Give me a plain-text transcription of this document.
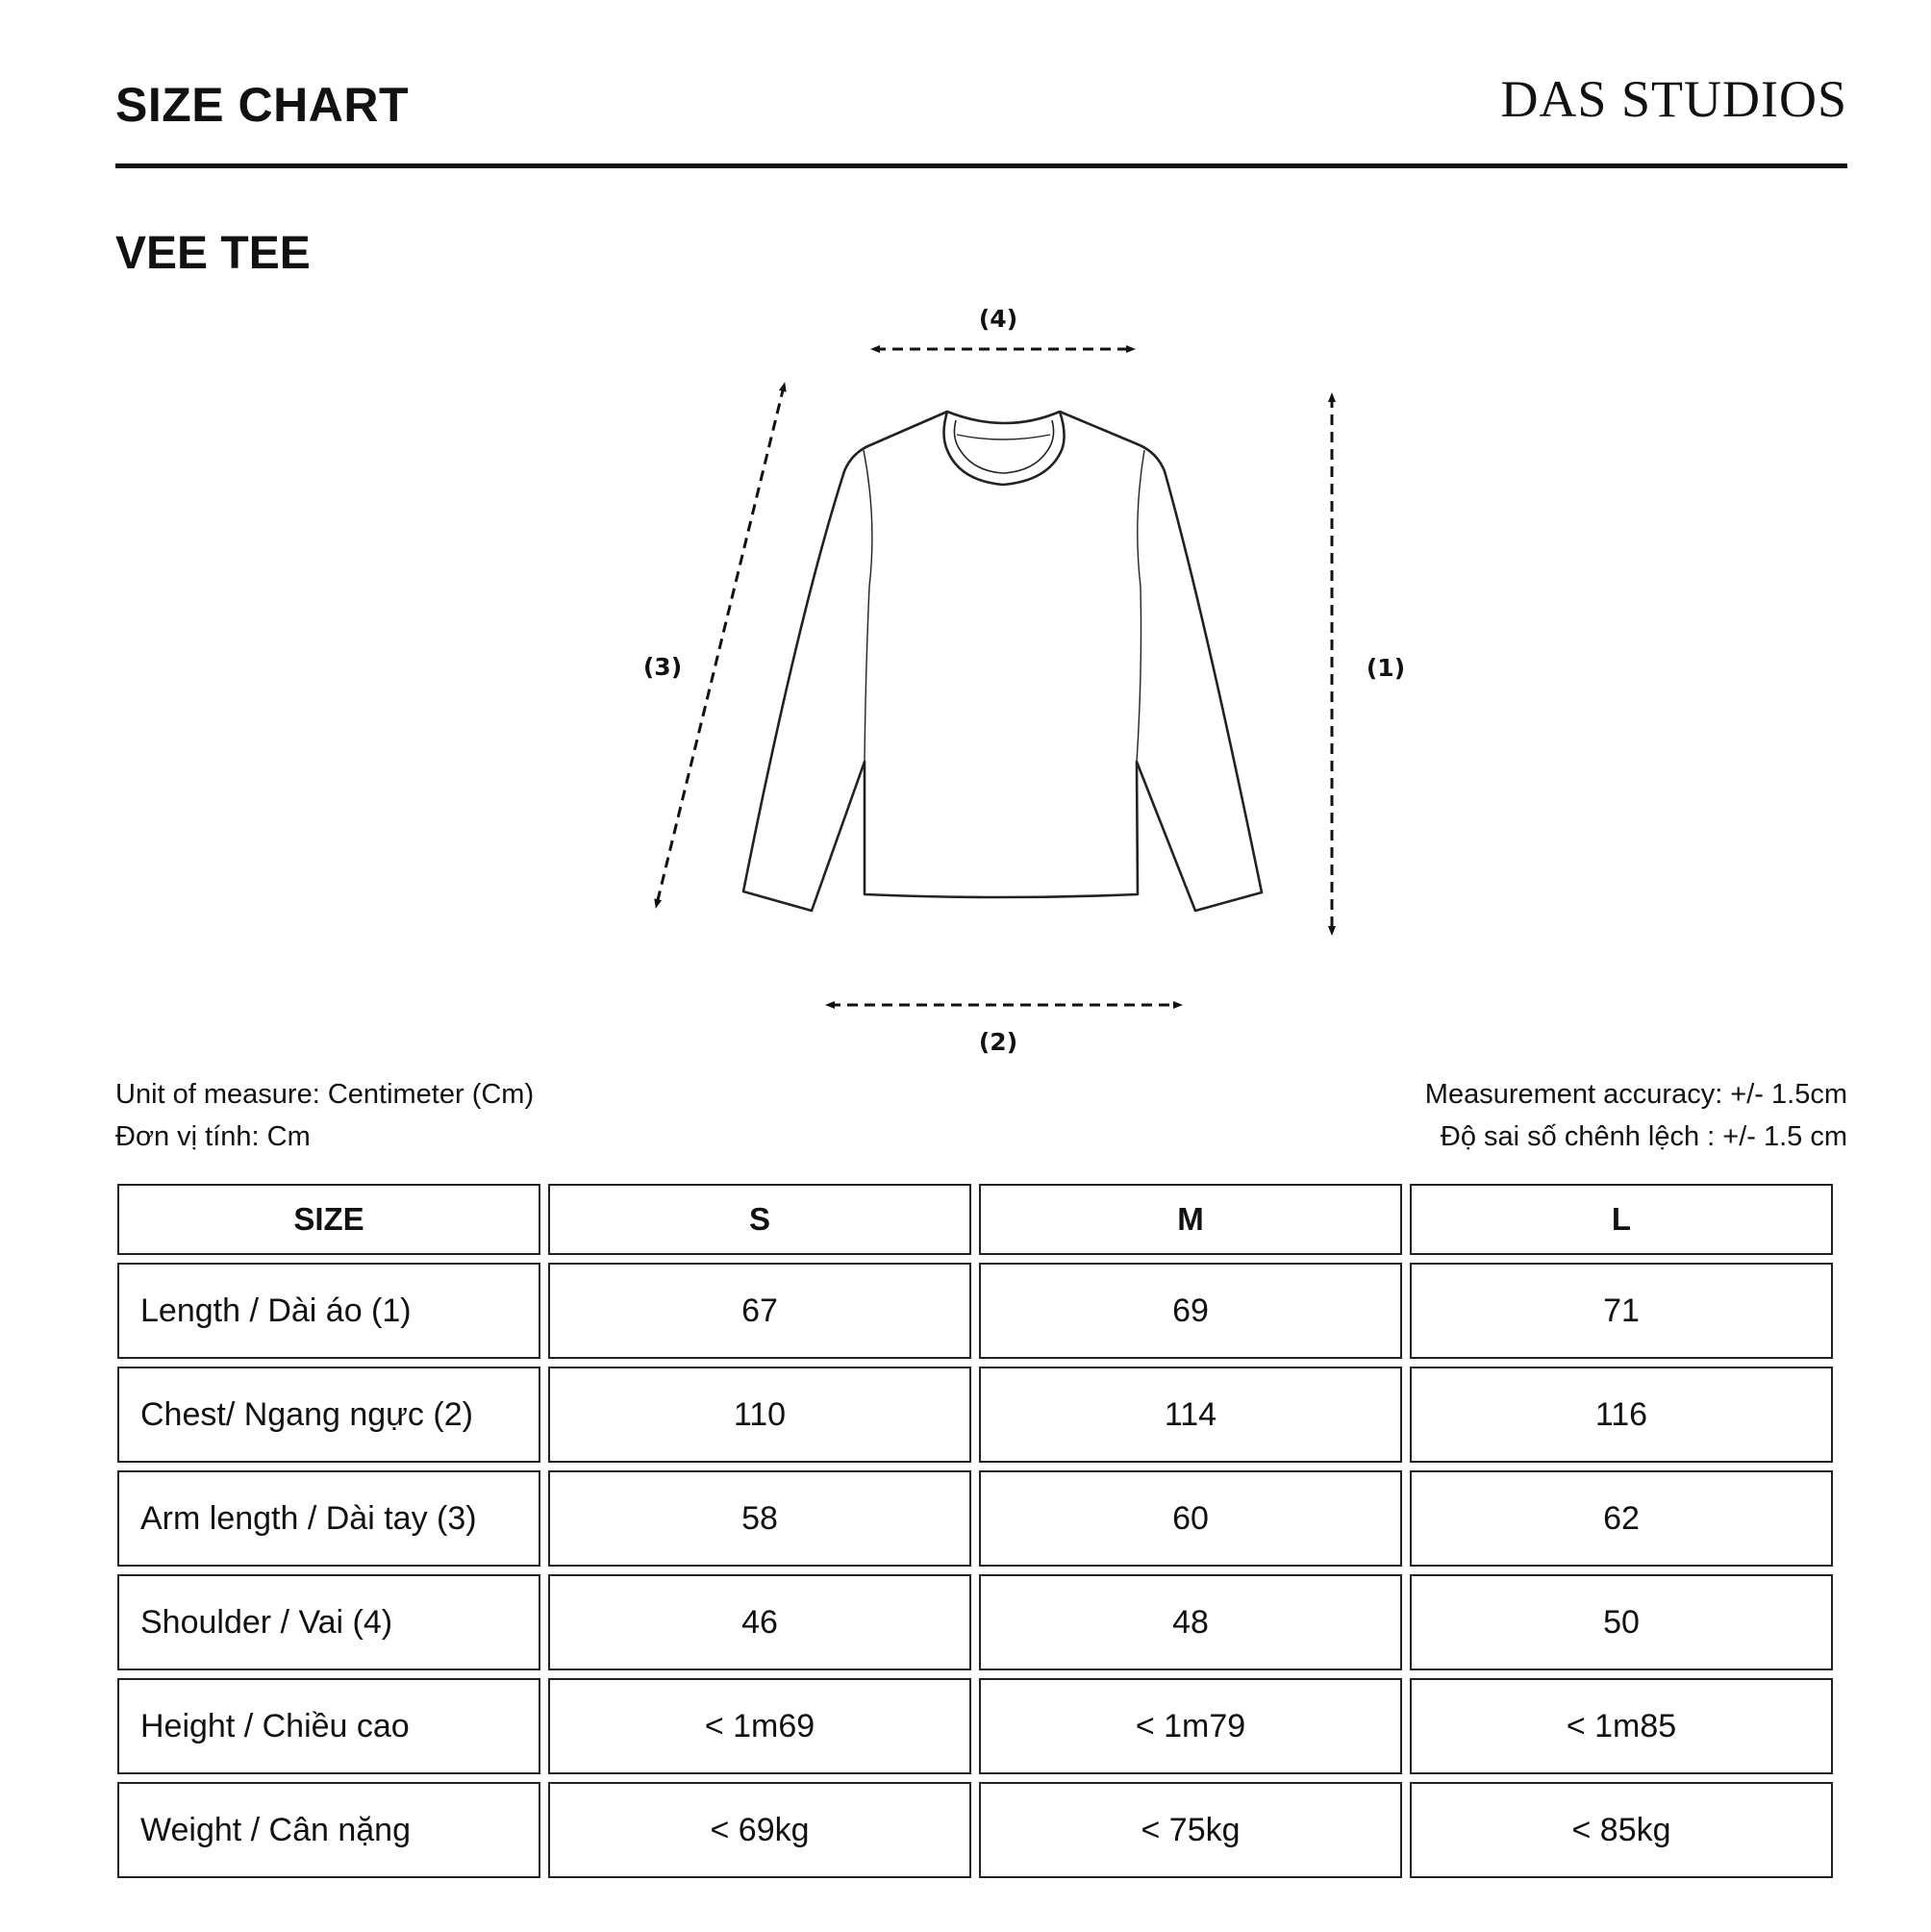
SIZE CHART	DAS STUDIOS
VEE TEE
(4)
(2)
(1)
(3)
Unit of measure: Centimeter (Cm)
Đơn vị tính: Cm
Measurement accuracy: +/- 1.5cm
Độ sai số chênh lệch : +/- 1.5 cm
SIZE	S	M	L
Length / Dài áo (1)	67	69	71
Chest/ Ngang ngực (2)	110	114	116
Arm length / Dài tay (3)	58	60	62
Shoulder / Vai (4)	46	48	50
Height / Chiều cao	< 1m69	< 1m79	< 1m85
Weight / Cân nặng	< 69kg	< 75kg	< 85kg
